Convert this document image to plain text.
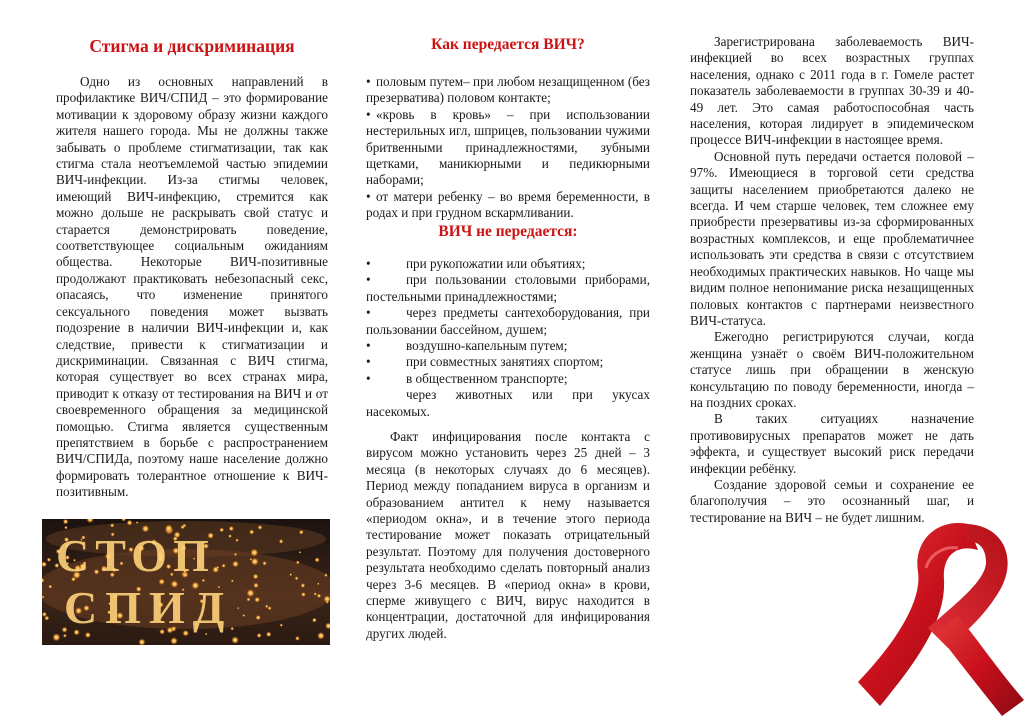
Стигма и дискриминация

Одно из основных направлений в профилактике ВИЧ/СПИД – это формирование мотивации к здоровому образу жизни каждого жителя нашего города. Мы не должны также забывать о проблеме стигматизации, так как стигма стала неотъемлемой частью эпидемии ВИЧ-инфекции. Из-за стигмы человек, имеющий ВИЧ-инфекцию, стремится как можно дольше не раскрывать свой статус и старается демонстрировать поведение, соответствующее социальным ожиданиям общества. Некоторые ВИЧ-позитивные продолжают практиковать небезопасный секс, опасаясь, что изменение принятого сексуального поведения может вызвать подозрение в наличии ВИЧ-инфекции и, как следствие, привести к стигматизации и дискриминации. Связанная с ВИЧ стигма, которая существует во всех странах мира, приводит к отказу от тестирования на ВИЧ и от своевременного обращения за медицинской помощью. Стигма является существенным препятствием в борьбе с распространением ВИЧ/СПИДа, поэтому наше население должно формировать толерантное отношение к ВИЧ-позитивным.

СТОП
СПИД
Как передается ВИЧ?

• половым путем– при любом незащищенном (без презерватива) половом контакте;

• «кровь в кровь» – при использовании нестерильных игл, шприцев, пользовании чужими бритвенными принадлежностями, зубными щетками, маникюрными и педикюрными наборами;

• от матери ребенку – во время беременности, в родах и при грудном вскармливании.

ВИЧ не передается:

•	при рукопожатии или объятиях;

•	при пользовании столовыми приборами, постельными принадлежностями;

•	через предметы сантехоборудования, при пользовании бассейном, душем;

•	воздушно-капельным путем;

•	при совместных занятиях спортом;

•	в общественном транспорте;

через животных или при укусах насекомых.

Факт инфицирования после контакта с вирусом можно установить через 25 дней – 3 месяца (в некоторых случаях до 6 месяцев). Период между попаданием вируса в организм и образованием антител к нему называется «периодом окна», и в течение этого периода тестирование может показать отрицательный результат. Поэтому для получения достоверного результата необходимо сделать повторный анализ через 3-6 месяцев. В «период окна» в крови, сперме живущего с ВИЧ, вирус находится в концентрации, достаточной для инфицирования других людей.

Зарегистрирована заболеваемость ВИЧ-инфекцией во всех возрастных группах населения, однако с 2011 года в г. Гомеле растет показатель заболеваемости в группах 30-39 и 40-49 лет. Это самая работоспособная часть населения, которая лидирует в эпидемическом процессе ВИЧ-инфекции в настоящее время.

Основной путь передачи остается половой – 97%. Имеющиеся в торговой сети средства защиты населением приобретаются далеко не всегда. И чем старше человек, тем сложнее ему приобрести презервативы из-за сформированных возрастных комплексов, и еще проблематичнее использовать эти средства в связи с отсутствием необходимых практических навыков. Но чаще мы видим полное непонимание риска незащищенных половых контактов с партнерами неизвестного ВИЧ-статуса.

Ежегодно регистрируются случаи, когда женщина узнаёт о своём ВИЧ-положительном статусе лишь при обращении в женскую консультацию по поводу беременности, иногда – на поздних сроках.

В таких ситуациях назначение противовирусных препаратов может не дать эффекта, и существует высокий риск передачи инфекции ребёнку.

Создание здоровой семьи и сохранение ее благополучия – это осознанный шаг, и тестирование на ВИЧ – не будет лишним.
